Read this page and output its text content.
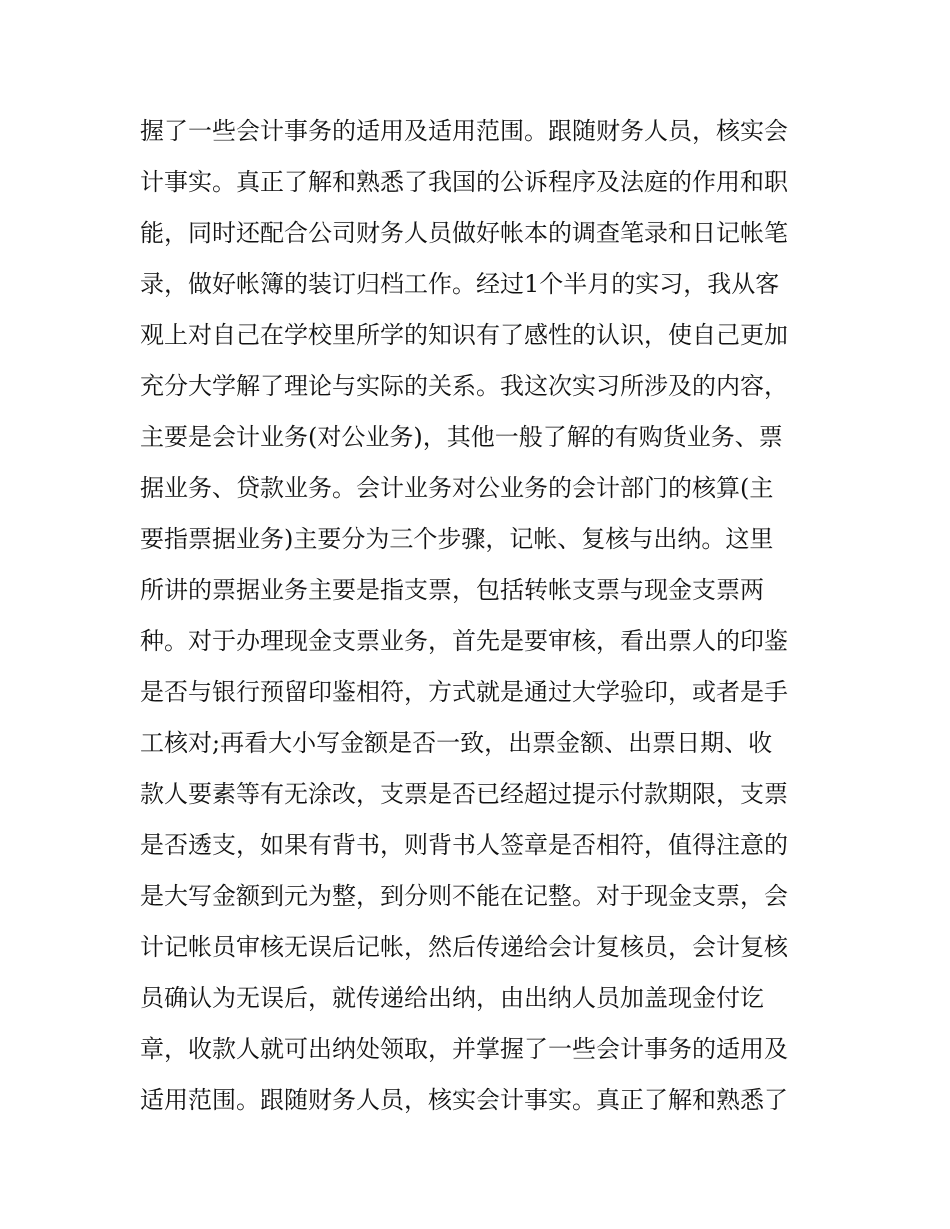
握了一些会计事务的适用及适用范围。跟随财务人员，核实会
计事实。真正了解和熟悉了我国的公诉程序及法庭的作用和职
能，同时还配合公司财务人员做好帐本的调查笔录和日记帐笔
录，做好帐簿的装订归档工作。经过1个半月的实习，我从客
观上对自己在学校里所学的知识有了感性的认识，使自己更加
充分大学解了理论与实际的关系。我这次实习所涉及的内容，
主要是会计业务(对公业务)，其他一般了解的有购货业务、票
据业务、贷款业务。会计业务对公业务的会计部门的核算(主
要指票据业务)主要分为三个步骤，记帐、复核与出纳。这里
所讲的票据业务主要是指支票，包括转帐支票与现金支票两
种。对于办理现金支票业务，首先是要审核，看出票人的印鉴
是否与银行预留印鉴相符，方式就是通过大学验印，或者是手
工核对;再看大小写金额是否一致，出票金额、出票日期、收
款人要素等有无涂改，支票是否已经超过提示付款期限，支票
是否透支，如果有背书，则背书人签章是否相符，值得注意的
是大写金额到元为整，到分则不能在记整。对于现金支票，会
计记帐员审核无误后记帐，然后传递给会计复核员，会计复核
员确认为无误后，就传递给出纳，由出纳人员加盖现金付讫
章，收款人就可出纳处领取，并掌握了一些会计事务的适用及
适用范围。跟随财务人员，核实会计事实。真正了解和熟悉了
